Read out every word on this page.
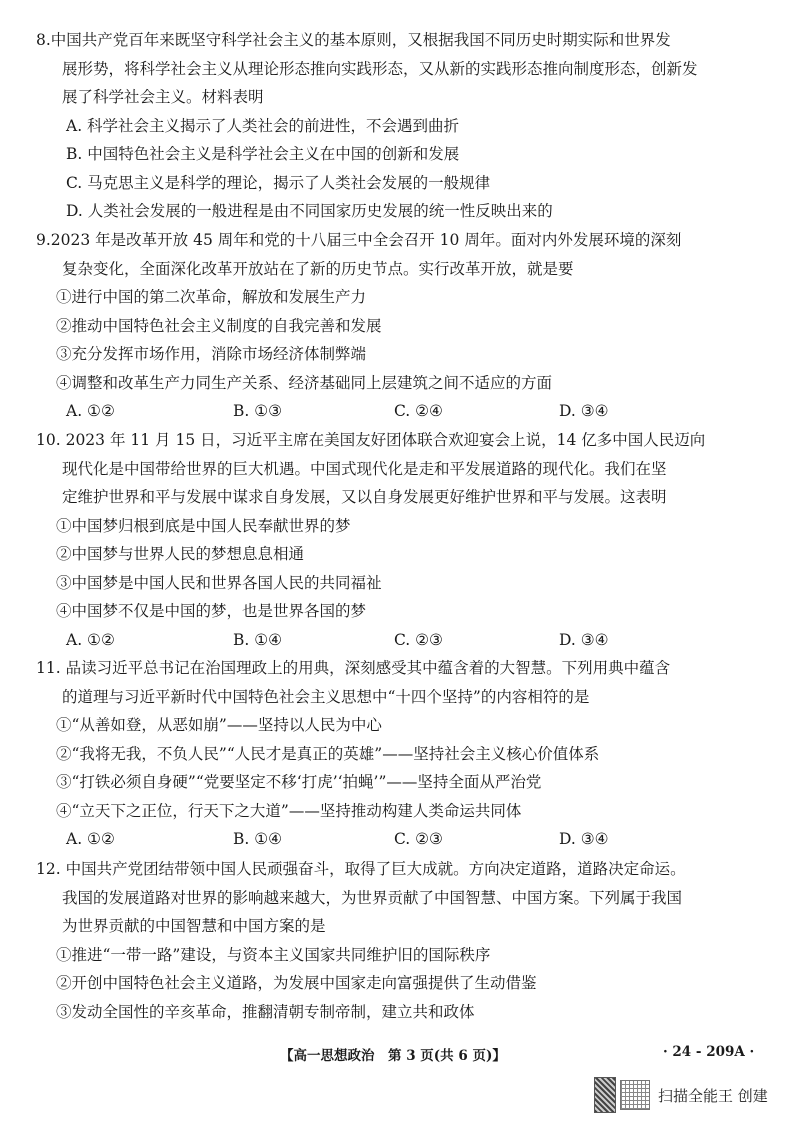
8.中国共产党百年来既坚守科学社会主义的基本原则，又根据我国不同历史时期实际和世界发
展形势，将科学社会主义从理论形态推向实践形态，又从新的实践形态推向制度形态，创新发
展了科学社会主义。材料表明
A. 科学社会主义揭示了人类社会的前进性，不会遇到曲折
B. 中国特色社会主义是科学社会主义在中国的创新和发展
C. 马克思主义是科学的理论，揭示了人类社会发展的一般规律
D. 人类社会发展的一般进程是由不同国家历史发展的统一性反映出来的
9.2023 年是改革开放 45 周年和党的十八届三中全会召开 10 周年。面对内外发展环境的深刻
复杂变化，全面深化改革开放站在了新的历史节点。实行改革开放，就是要
①进行中国的第二次革命，解放和发展生产力
②推动中国特色社会主义制度的自我完善和发展
③充分发挥市场作用，消除市场经济体制弊端
④调整和改革生产力同生产关系、经济基础同上层建筑之间不适应的方面
A. ①②	B. ①③	C. ②④	D. ③④
10. 2023 年 11 月 15 日，习近平主席在美国友好团体联合欢迎宴会上说，14 亿多中国人民迈向
现代化是中国带给世界的巨大机遇。中国式现代化是走和平发展道路的现代化。我们在坚
定维护世界和平与发展中谋求自身发展，又以自身发展更好维护世界和平与发展。这表明
①中国梦归根到底是中国人民奉献世界的梦
②中国梦与世界人民的梦想息息相通
③中国梦是中国人民和世界各国人民的共同福祉
④中国梦不仅是中国的梦，也是世界各国的梦
A. ①②	B. ①④	C. ②③	D. ③④
11. 品读习近平总书记在治国理政上的用典，深刻感受其中蕴含着的大智慧。下列用典中蕴含
的道理与习近平新时代中国特色社会主义思想中“十四个坚持”的内容相符的是
①“从善如登，从恶如崩”——坚持以人民为中心
②“我将无我，不负人民”“人民才是真正的英雄”——坚持社会主义核心价值体系
③“打铁必须自身硬”“党要坚定不移‘打虎’‘拍蝇’”——坚持全面从严治党
④“立天下之正位，行天下之大道”——坚持推动构建人类命运共同体
A. ①②	B. ①④	C. ②③	D. ③④
12. 中国共产党团结带领中国人民顽强奋斗，取得了巨大成就。方向决定道路，道路决定命运。
我国的发展道路对世界的影响越来越大，为世界贡献了中国智慧、中国方案。下列属于我国
为世界贡献的中国智慧和中国方案的是
①推进“一带一路”建设，与资本主义国家共同维护旧的国际秩序
②开创中国特色社会主义道路，为发展中国家走向富强提供了生动借鉴
③发动全国性的辛亥革命，推翻清朝专制帝制，建立共和政体
【高一思想政治　第 3 页(共 6 页)】	· 24 - 209A ·
扫描全能王 创建
